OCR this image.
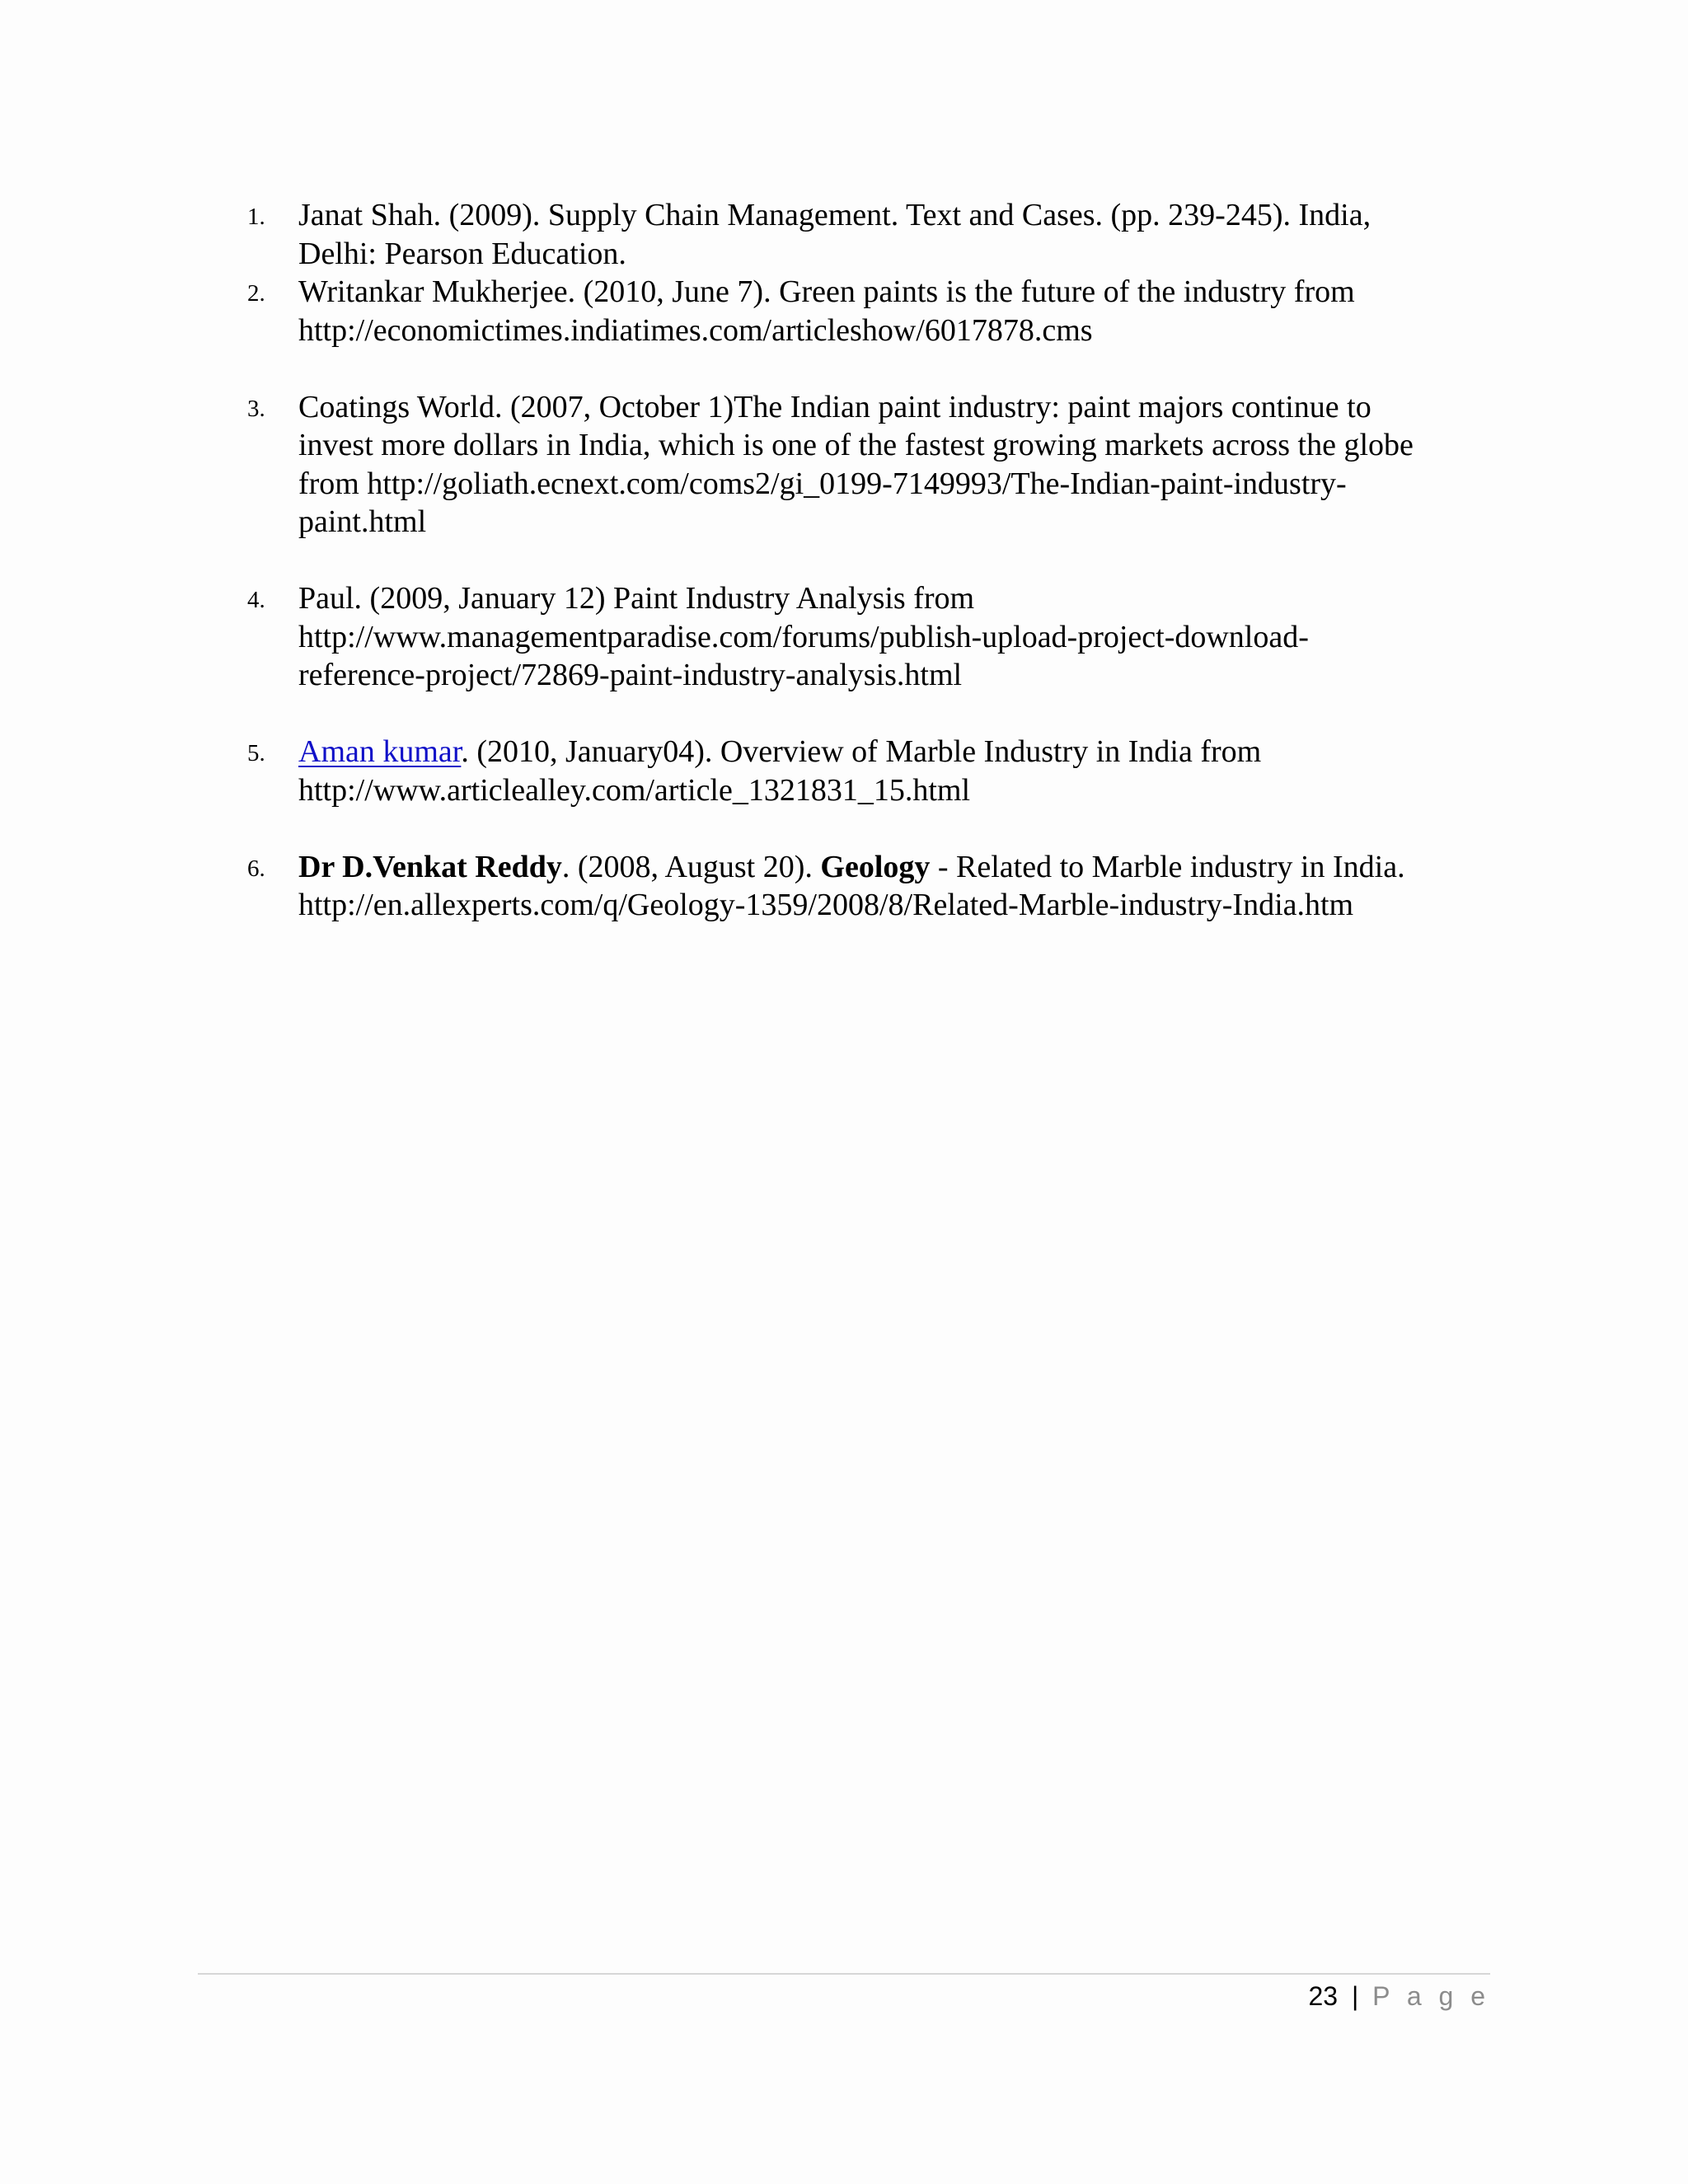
1. Janat Shah. (2009). Supply Chain Management. Text and Cases. (pp. 239-245). India,
Delhi: Pearson Education.
2. Writankar Mukherjee. (2010, June 7). Green paints is the future of the industry from
http://economictimes.indiatimes.com/articleshow/6017878.cms
3. Coatings World. (2007, October 1)The Indian paint industry: paint majors continue to
invest more dollars in India, which is one of the fastest growing markets across the globe
from http://goliath.ecnext.com/coms2/gi_0199-7149993/The-Indian-paint-industry-
paint.html
4. Paul. (2009, January 12) Paint Industry Analysis from
http://www.managementparadise.com/forums/publish-upload-project-download-
reference-project/72869-paint-industry-analysis.html
5. Aman kumar. (2010, January04). Overview of Marble Industry in India from
http://www.articlealley.com/article_1321831_15.html
6. Dr D.Venkat Reddy. (2008, August 20). Geology - Related to Marble industry in India.
http://en.allexperts.com/q/Geology-1359/2008/8/Related-Marble-industry-India.htm
23 | P a g e
